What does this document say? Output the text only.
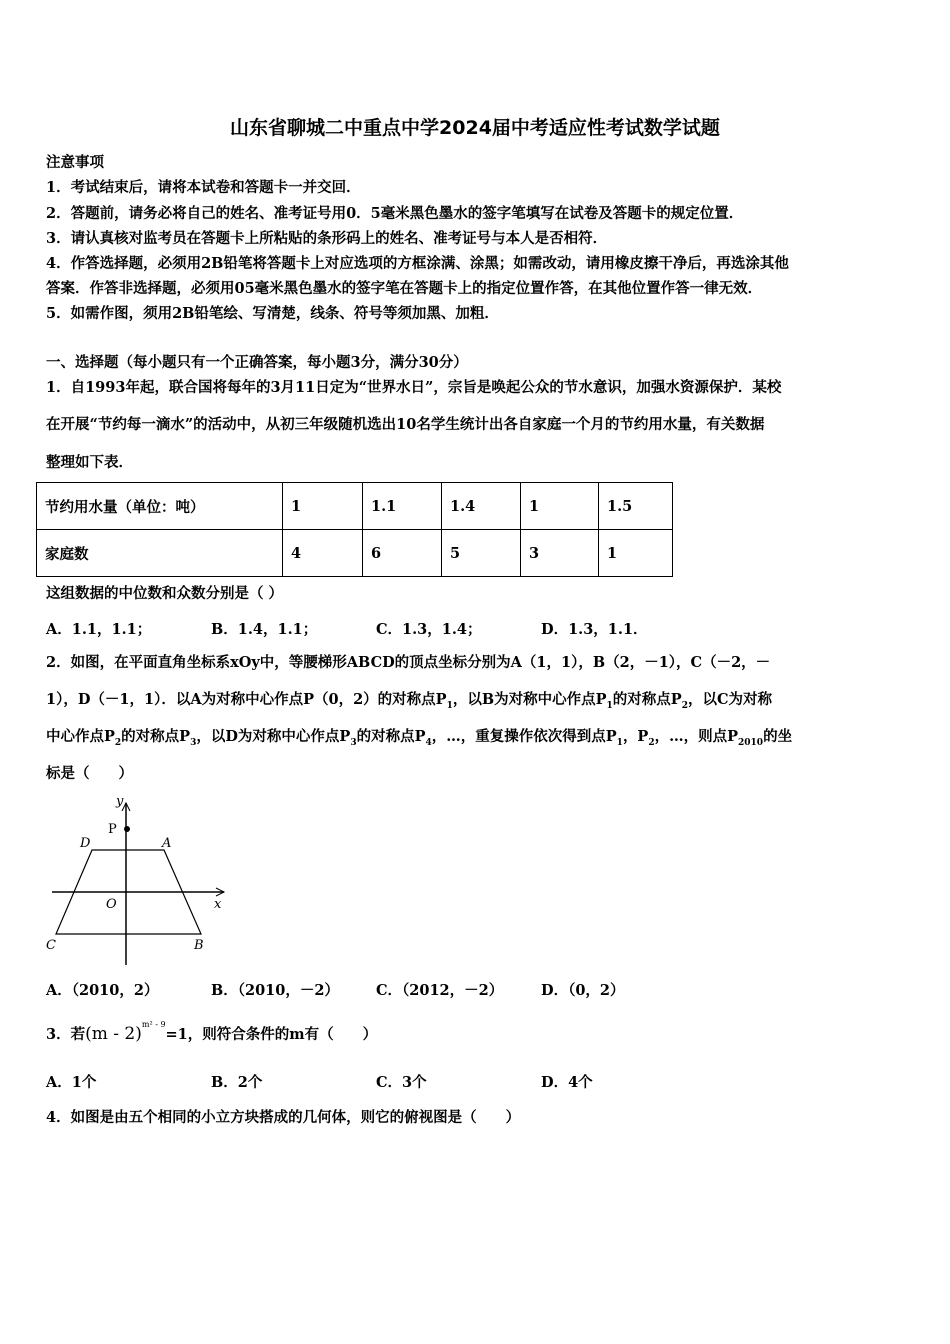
山东省聊城二中重点中学2024届中考适应性考试数学试题
注意事项
1．考试结束后，请将本试卷和答题卡一并交回．
2．答题前，请务必将自己的姓名、准考证号用0．5毫米黑色墨水的签字笔填写在试卷及答题卡的规定位置．
3．请认真核对监考员在答题卡上所粘贴的条形码上的姓名、准考证号与本人是否相符．
4．作答选择题，必须用2B铅笔将答题卡上对应选项的方框涂满、涂黑；如需改动，请用橡皮擦干净后，再选涂其他
答案．作答非选择题，必须用05毫米黑色墨水的签字笔在答题卡上的指定位置作答，在其他位置作答一律无效．
5．如需作图，须用2B铅笔绘、写清楚，线条、符号等须加黑、加粗．
一、选择题（每小题只有一个正确答案，每小题3分，满分30分）
1．自1993年起，联合国将每年的3月11日定为“世界水日”，宗旨是唤起公众的节水意识，加强水资源保护．某校
在开展“节约每一滴水”的活动中，从初三年级随机选出10名学生统计出各自家庭一个月的节约用水量，有关数据
整理如下表．
节约用水量（单位：吨）	1	1.1	1.4	1	1.5
家庭数	4	6	5	3	1
这组数据的中位数和众数分别是（ ）
A．1.1，1.1；	B．1.4，1.1；	C．1.3，1.4；	D．1.3，1.1．
2．如图，在平面直角坐标系xOy中，等腰梯形ABCD的顶点坐标分别为A（1，1），B（2，－1），C（－2，－
1），D（－1，1）．以A为对称中心作点P（0，2）的对称点$P_1$，以B为对称中心作点$P_1$的对称点$P_2$，以C为对称
中心作点$P_2$的对称点$P_3$，以D为对称中心作点$P_3$的对称点$P_4$，…，重复操作依次得到点$P_1$，$P_2$，…，则点$P_{2010}$的坐
标是（　　）
y
P
D	A
O	x
C	B
A．（2010，2）	B．（2010，－2）	C．（2012，－2）	D．（0，2）
3．若(m - 2)$^{m^2 - 9}$=1，则符合条件的m有（　　）
A．1个	B．2个	C．3个	D．4个
4．如图是由五个相同的小立方块搭成的几何体，则它的俯视图是（　　）
